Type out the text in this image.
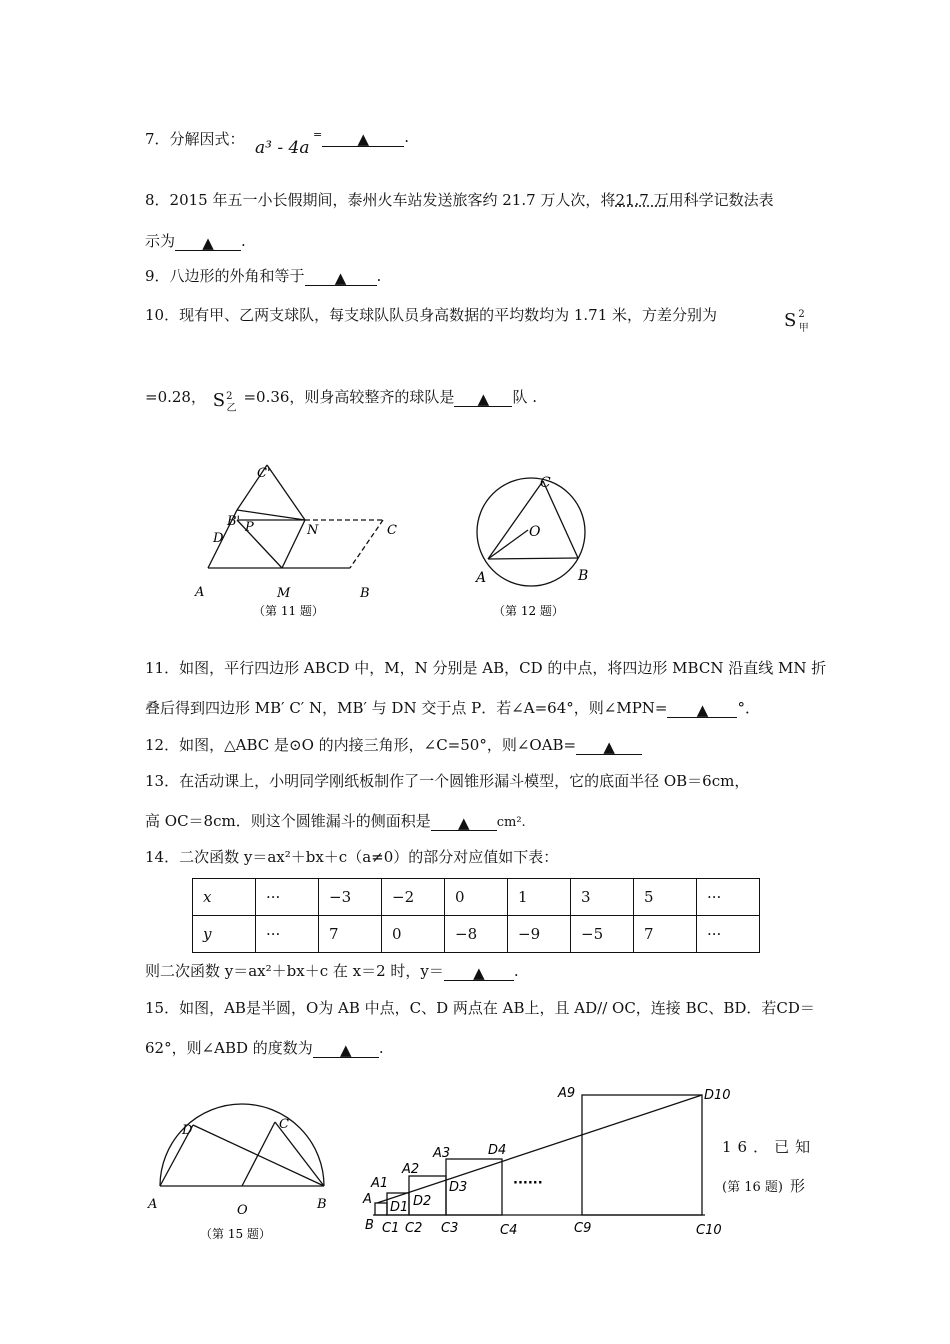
7．分解因式： a³ - 4a
= ▲ .
8．2015 年五一小长假期间，泰州火车站发送旅客约 21.7 万人次，将21.7 万用科学记数法表
示为 ▲ .
9．八边形的外角和等于 ▲ .
10．现有甲、乙两支球队，每支球队队员身高数据的平均数均为 1.71 米，方差分别为	S $^2_甲$
=0.28， $S^2_乙=0.36$，则身高较整齐的球队是 ▲ 队 .
C'
B' P	N	C
D
A	M	B
（第 11 题）
C
O
A	B
（第 12 题）
11．如图，平行四边形 ABCD 中，M，N 分别是 AB，CD 的中点，将四边形 MBCN 沿直线 MN 折
叠后得到四边形 MB′ C′ N，MB′ 与 DN 交于点 P．若∠A=64°，则∠MPN= ▲ °．
12．如图，△ABC 是⊙O 的内接三角形，∠C=50°，则∠OAB= ▲
13．在活动课上，小明同学刚纸板制作了一个圆锥形漏斗模型，它的底面半径 OB＝6cm，
高 OC＝8cm．则这个圆锥漏斗的侧面积是 ▲ cm².
14．二次函数 y＝ax²＋bx＋c（a≠0）的部分对应值如下表：
x	···	−3	−2	0	1	3	5	···
y	···	7	0	−8	−9	−5	7	···
则二次函数 y＝ax²＋bx＋c 在 x＝2 时，y＝ ▲ .
15．如图，AB是半圆，O为 AB 中点，C、D 两点在 AB上，且 AD// OC，连接 BC、BD．若CD＝
62°，则∠ABD 的度数为 ▲ .
D	C
A	O	B
（第 15 题）
A9	D10
A3	D4
A2
D3
A1
D2
A
D1
······
B C1 C2 C3	C4	C9	C10
16．已知
(第 16 题) 形
